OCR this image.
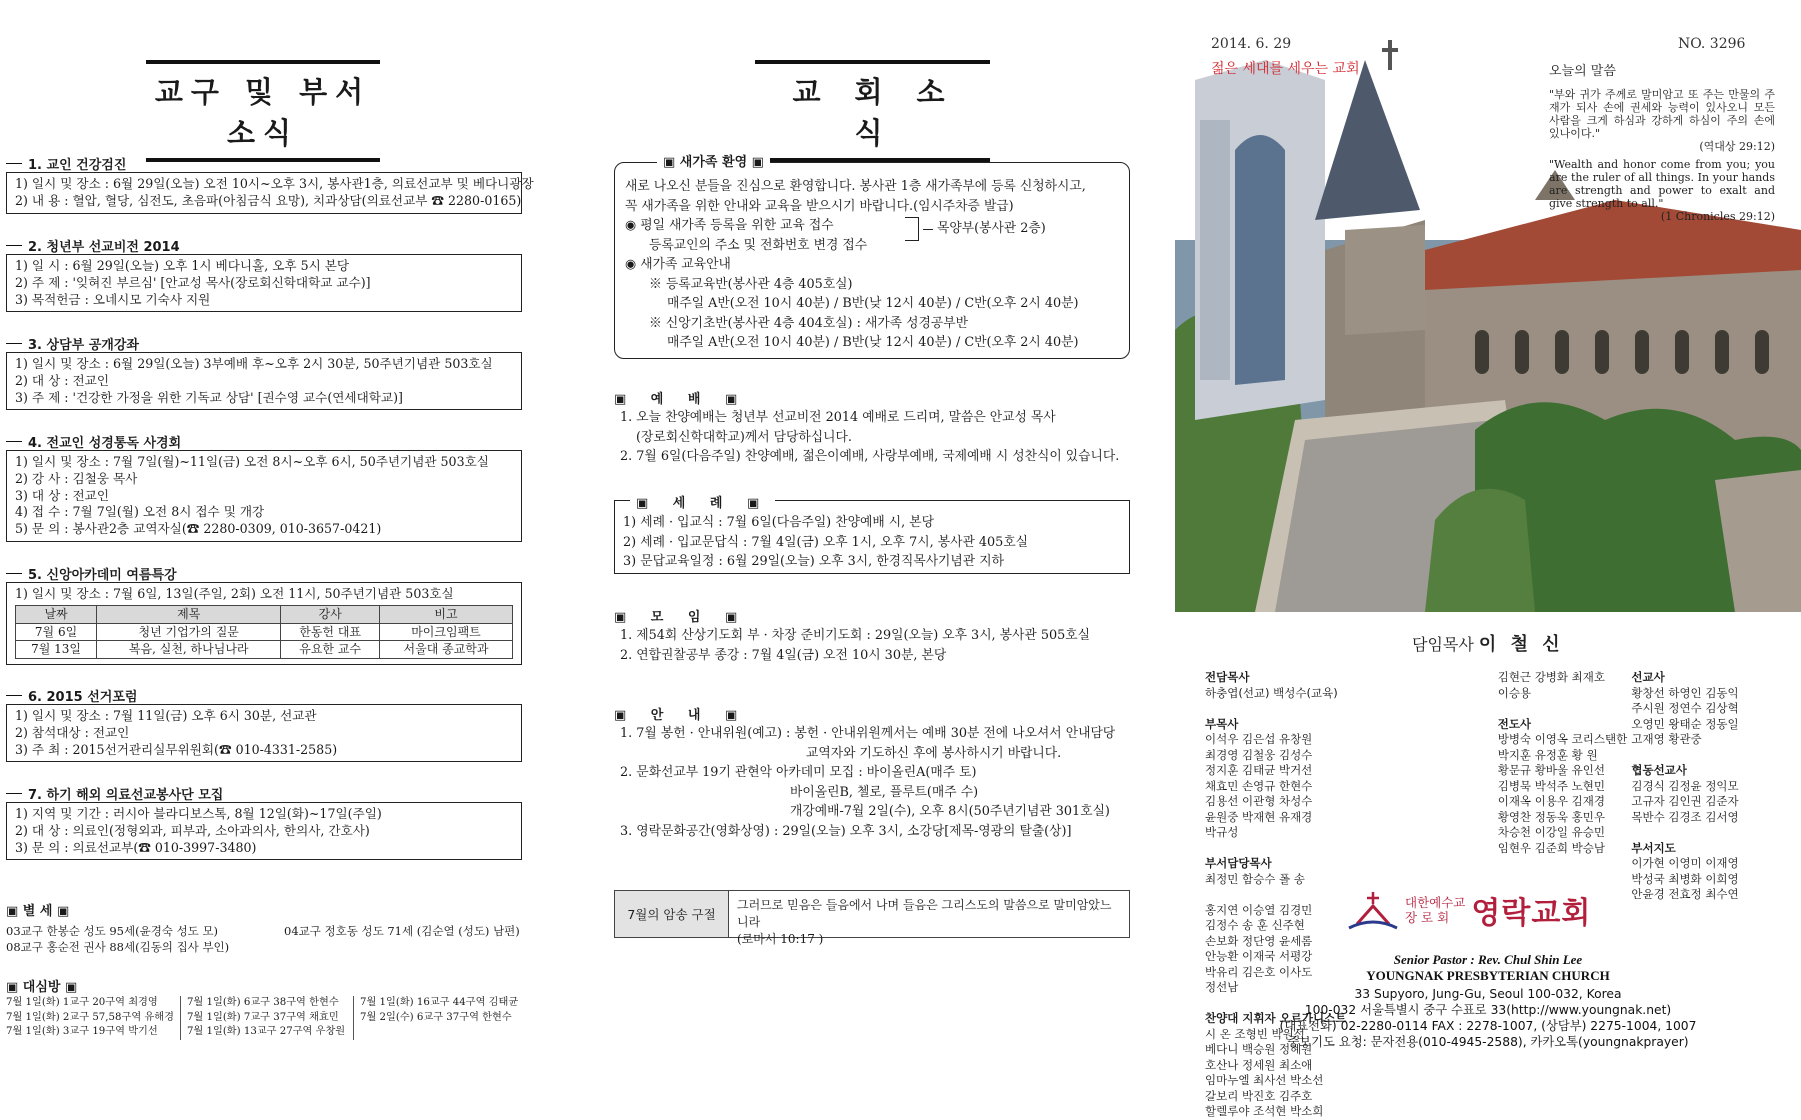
교구 및 부서소식
1. 교인 건강검진
1) 일시 및 장소 : 6월 29일(오늘) 오전 10시~오후 3시, 봉사관1층, 의료선교부 및 베다니광장
2) 내 용 : 혈압, 혈당, 심전도, 초음파(아침금식 요망), 치과상담(의료선교부 ☎ 2280-0165)
2. 청년부 선교비전 2014
1) 일 시 : 6월 29일(오늘) 오후 1시 베다니홀, 오후 5시 본당
2) 주 제 : '잊혀진 부르심' [안교성 목사(장로회신학대학교 교수)]
3) 목적헌금 : 오네시모 기숙사 지원
3. 상담부 공개강좌
1) 일시 및 장소 : 6월 29일(오늘) 3부예배 후~오후 2시 30분, 50주년기념관 503호실
2) 대 상 : 전교인
3) 주 제 : '건강한 가정을 위한 기독교 상담' [권수영 교수(연세대학교)]
4. 전교인 성경통독 사경회
1) 일시 및 장소 : 7월 7일(월)~11일(금) 오전 8시~오후 6시, 50주년기념관 503호실
2) 강 사 : 김철웅 목사
3) 대 상 : 전교인
4) 접 수 : 7월 7일(월) 오전 8시 접수 및 개강
5) 문 의 : 봉사관2층 교역자실(☎ 2280-0309, 010-3657-0421)
5. 신앙아카데미 여름특강
1) 일시 및 장소 : 7월 6일, 13일(주일, 2회) 오전 11시, 50주년기념관 503호실
날짜	제목	강사	비고
7월 6일	청년 기업가의 질문	한동헌 대표	마이크임팩트
7월 13일	복음, 실천, 하나님나라	유요한 교수	서울대 종교학과
6. 2015 선거포럼
1) 일시 및 장소 : 7월 11일(금) 오후 6시 30분, 선교관
2) 참석대상 : 전교인
3) 주 최 : 2015선거관리실무위원회(☎ 010-4331-2585)
7. 하기 해외 의료선교봉사단 모집
1) 지역 및 기간 : 러시아 블라디보스톡, 8월 12일(화)~17일(주일)
2) 대 상 : 의료인(정형외과, 피부과, 소아과의사, 한의사, 간호사)
3) 문 의 : 의료선교부(☎ 010-3997-3480)
▣ 별 세 ▣
03교구 한봉순 성도 95세(윤경숙 성도 모)	04교구 정호동 성도 71세 (김순열 (성도) 남편)
08교구 홍순전 권사 88세(김동의 집사 부인)
▣ 대심방 ▣
7월 1일(화) 1교구 20구역 최경영
7월 1일(화) 2교구 57,58구역 유해경
7월 1일(화) 3교구 19구역 박기선
7월 1일(화) 6교구 38구역 한현수
7월 1일(화) 7교구 37구역 채효민
7월 1일(화) 13교구 27구역 우창원
7월 1일(화) 16교구 44구역 김태균
7월 2일(수) 6교구 37구역 한현수
교회소식
▣ 새가족 환영 ▣
새로 나오신 분들을 진심으로 환영합니다. 봉사관 1층 새가족부에 등록 신청하시고,
꼭 새가족을 위한 안내와 교육을 받으시기 바랍니다.(임시주차증 발급)
◉ 평일 새가족 등록을 위한 교육 접수
등록교인의 주소 및 전화번호 변경 접수
◉ 새가족 교육안내
※ 등록교육반(봉사관 4층 405호실)
매주일 A반(오전 10시 40분) / B반(낮 12시 40분) / C반(오후 2시 40분)
※ 신앙기초반(봉사관 4층 404호실) : 새가족 성경공부반
매주일 A반(오전 10시 40분) / B반(낮 12시 40분) / C반(오후 2시 40분)
목양부(봉사관 2층)
▣ 예 배 ▣
1. 오늘 찬양예배는 청년부 선교비전 2014 예배로 드리며, 말씀은 안교성 목사
(장로회신학대학교)께서 담당하십니다.
2. 7월 6일(다음주일) 찬양예배, 젊은이예배, 사랑부예배, 국제예배 시 성찬식이 있습니다.
1) 세례 · 입교식 : 7월 6일(다음주일) 찬양예배 시, 본당
2) 세례 · 입교문답식 : 7월 4일(금) 오후 1시, 오후 7시, 봉사관 405호실
3) 문답교육일정 : 6월 29일(오늘) 오후 3시, 한경직목사기념관 지하
▣ 세 례 ▣
▣ 모 임 ▣
1. 제54회 산상기도회 부 · 차장 준비기도회 : 29일(오늘) 오후 3시, 봉사관 505호실
2. 연합권찰공부 종강 : 7월 4일(금) 오전 10시 30분, 본당
▣ 안 내 ▣
1. 7월 봉헌 · 안내위원(예고) : 봉헌 · 안내위원께서는 예배 30분 전에 나오셔서 안내담당
교역자와 기도하신 후에 봉사하시기 바랍니다.
2. 문화선교부 19기 관현악 아카데미 모집 : 바이올린A(매주 토)
바이올린B, 첼로, 플루트(매주 수)
개강예배-7월 2일(수), 오후 8시(50주년기념관 301호실)
3. 영락문화공간(영화상영) : 29일(오늘) 오후 3시, 소강당[제목-영광의 탈출(상)]
7월의 암송 구절
그러므로 믿음은 들음에서 나며 들음은 그리스도의 말씀으로 말미암았느니라
(로마서 10:17 )
2014. 6. 29
젊은 세대를 세우는 교회
NO. 3296
오늘의 말씀
"부와 귀가 주께로 말미암고 또 주는 만물의 주재가 되사 손에 권세와 능력이 있사오니 모든 사람을 크게 하심과 강하게 하심이 주의 손에 있나이다."
(역대상 29:12)
"Wealth and honor come from you; you are the ruler of all things. In your hands are strength and power to exalt and give strength to all."
(1 Chronicles 29:12)
담임목사 이 철 신
전담목사
하충엽(선교) 백성수(교육)

부목사
이석우 김은섭 유창원
최경영 김철웅 김성수
정지훈 김태균 박거선
채효민 손영규 한현수
김용선 이관형 차성수
윤원중 박재현 유재경
박규성

부서담당목사
최정민 함승수 폴 송
김현근 강병화 최재호
이승용

전도사
방병숙 이영옥 코리스탠한
박지훈 유정훈 황 원
황문규 황바울 유인선
김병묵 박석주 노현민
이재옥 이용우 김재경
황영찬 정동욱 홍민우
차승천 이강일 유승민
임현우 김준희 박승남
선교사
황창선 하영인 김동익
주시원 정연수 김상혁
오영민 왕태순 정동일
고재영 황관중

협동선교사
김경식 김정윤 정익모
고규자 김인권 김준자
목반수 김경조 김서영

부서지도
이가현 이영미 이재영
박성국 최병화 이희영
안윤경 전효정 최수연
홍지연 이승열 김경민
김정수 송 훈 신주현
손보화 정단영 윤세롬
안능환 이재국 서평강
박유리 김은호 이사도
정선남

찬양대 지휘자 오르가니스트
시 온 조형빈 박원선
베다니 백승원 정혜원
호산나 정세원 최소애
임마누엘 최사선 박소선
갈보리 박진호 김주호
할렐루야 조석현 박소희
대한예수교
장 로 회 영락교회
Senior Pastor : Rev. Chul Shin Lee
YOUNGNAK PRESBYTERIAN CHURCH
33 Supyoro, Jung-Gu, Seoul 100-032, Korea
100-032 서울특별시 중구 수표로 33(http://www.youngnak.net)
(대표전화) 02-2280-0114 FAX : 2278-1007, (상담부) 2275-1004, 1007
중보기도 요청: 문자전용(010-4945-2588), 카카오톡(youngnakprayer)
